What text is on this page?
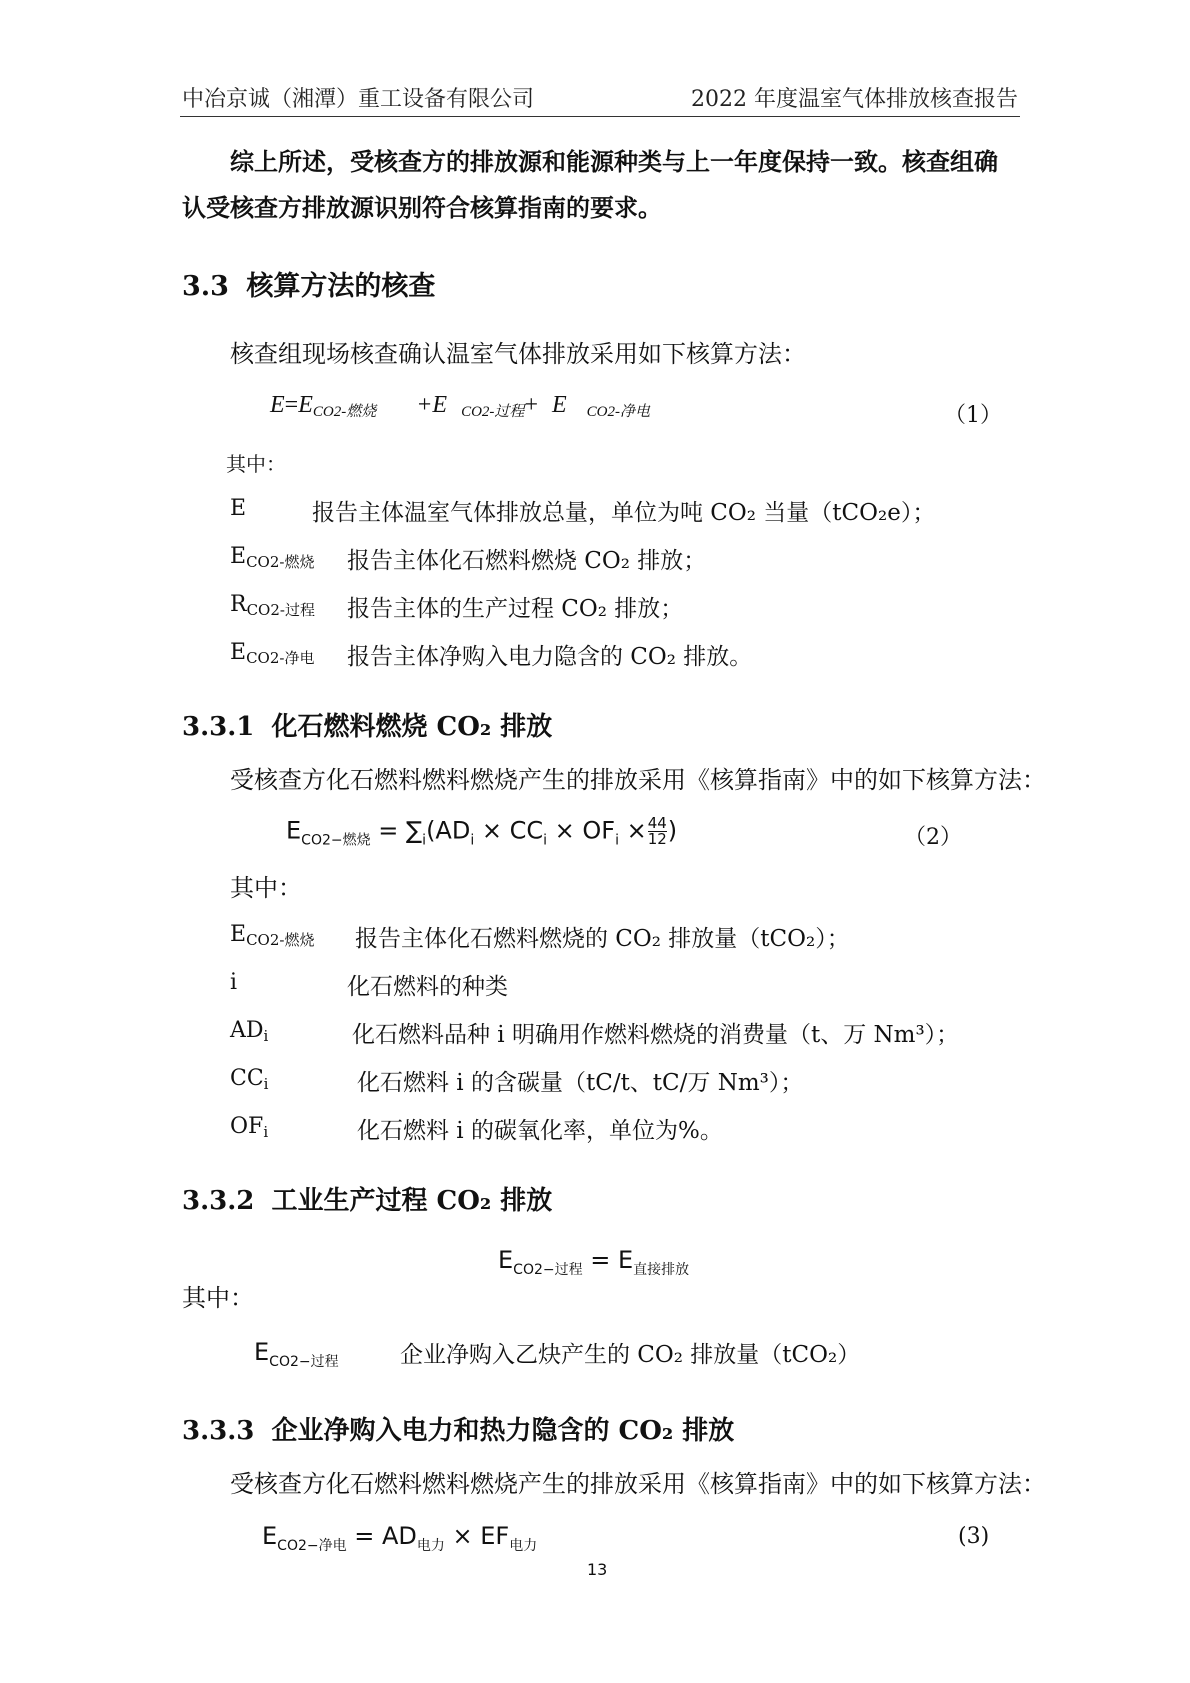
中冶京诚（湘潭）重工设备有限公司	2022 年度温室气体排放核查报告
综上所述，受核查方的排放源和能源种类与上一年度保持一致。核查组确
认受核查方排放源识别符合核算指南的要求。
3.3 核算方法的核查
核查组现场核查确认温室气体排放采用如下核算方法：
$E=E_{CO2-燃烧} +E$ $_{CO2-过程}$+ E $_{CO2-净电}$	（1）
其中：
E	报告主体温室气体排放总量，单位为吨 CO₂ 当量（tCO₂e）；
$E_{CO2-燃烧}$ 报告主体化石燃料燃烧 CO₂ 排放；
$R_{CO2-过程}$ 报告主体的生产过程 CO₂ 排放；
$E_{CO2-净电}$ 报告主体净购入电力隐含的 CO₂ 排放。
3.3.1 化石燃料燃烧 CO₂ 排放
受核查方化石燃料燃料燃烧产生的排放采用《核算指南》中的如下核算方法：
$E_{CO2-燃烧} = \sum_i(AD_i \times CC_i \times OF_i \times \frac{44}{12}$ )	（2）
其中：
$E_{CO2-燃烧}$ 报告主体化石燃料燃烧的 CO₂ 排放量（tCO₂）；
i	化石燃料的种类
$AD_i$	化石燃料品种 i 明确用作燃料燃烧的消费量（t、万 Nm³）；
$CC_i$	化石燃料 i 的含碳量（tC/t、tC/万 Nm³）；
$OF_i$	化石燃料 i 的碳氧化率，单位为%。
3.3.2 工业生产过程 CO₂ 排放
$E_{CO2-过程} = E_{直接排放}$
其中：
$E_{CO2-过程}$	企业净购入乙炔产生的 CO₂ 排放量（tCO₂）
3.3.3 企业净购入电力和热力隐含的 CO₂ 排放
受核查方化石燃料燃料燃烧产生的排放采用《核算指南》中的如下核算方法：
$E_{CO2-净电} = AD_{电力} \times EF_{电力}$	(3)
13
